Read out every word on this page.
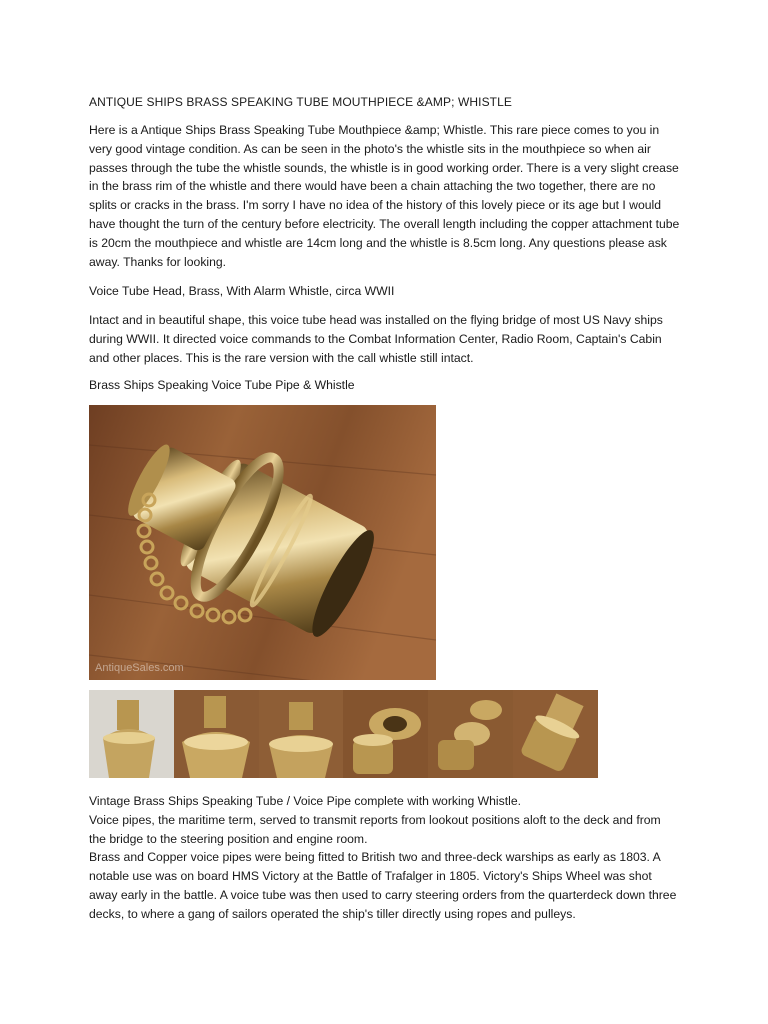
ANTIQUE SHIPS BRASS SPEAKING TUBE MOUTHPIECE &AMP; WHISTLE

Here is a Antique Ships Brass Speaking Tube Mouthpiece &amp; Whistle. This rare piece comes to you in very good vintage condition. As can be seen in the photo's the whistle sits in the mouthpiece so when air passes through the tube the whistle sounds, the whistle is in good working order. There is a very slight crease in the brass rim of the whistle and there would have been a chain attaching the two together, there are no splits or cracks in the brass. I'm sorry I have no idea of the history of this lovely piece or its age but I would have thought the turn of the century before electricity. The overall length including the copper attachment tube is 20cm the mouthpiece and whistle are 14cm long and the whistle is 8.5cm long. Any questions please ask away. Thanks for looking.

Voice Tube Head, Brass, With Alarm Whistle, circa WWII

Intact and in beautiful shape, this voice tube head was installed on the flying bridge of most US Navy ships during WWII. It directed voice commands to the Combat Information Center, Radio Room, Captain's Cabin and other places. This is the rare version with the call whistle still intact.

Brass Ships Speaking Voice Tube Pipe & Whistle

AntiqueSales.com
Vintage Brass Ships Speaking Tube / Voice Pipe complete with working Whistle.
Voice pipes, the maritime term, served to transmit reports from lookout positions aloft to the deck and from the bridge to the steering position and engine room.
Brass and Copper voice pipes were being fitted to British two and three-deck warships as early as 1803. A notable use was on board HMS Victory at the Battle of Trafalger in 1805. Victory's Ships Wheel was shot away early in the battle. A voice tube was then used to carry steering orders from the quarterdeck down three decks, to where a gang of sailors operated the ship's tiller directly using ropes and pulleys.
